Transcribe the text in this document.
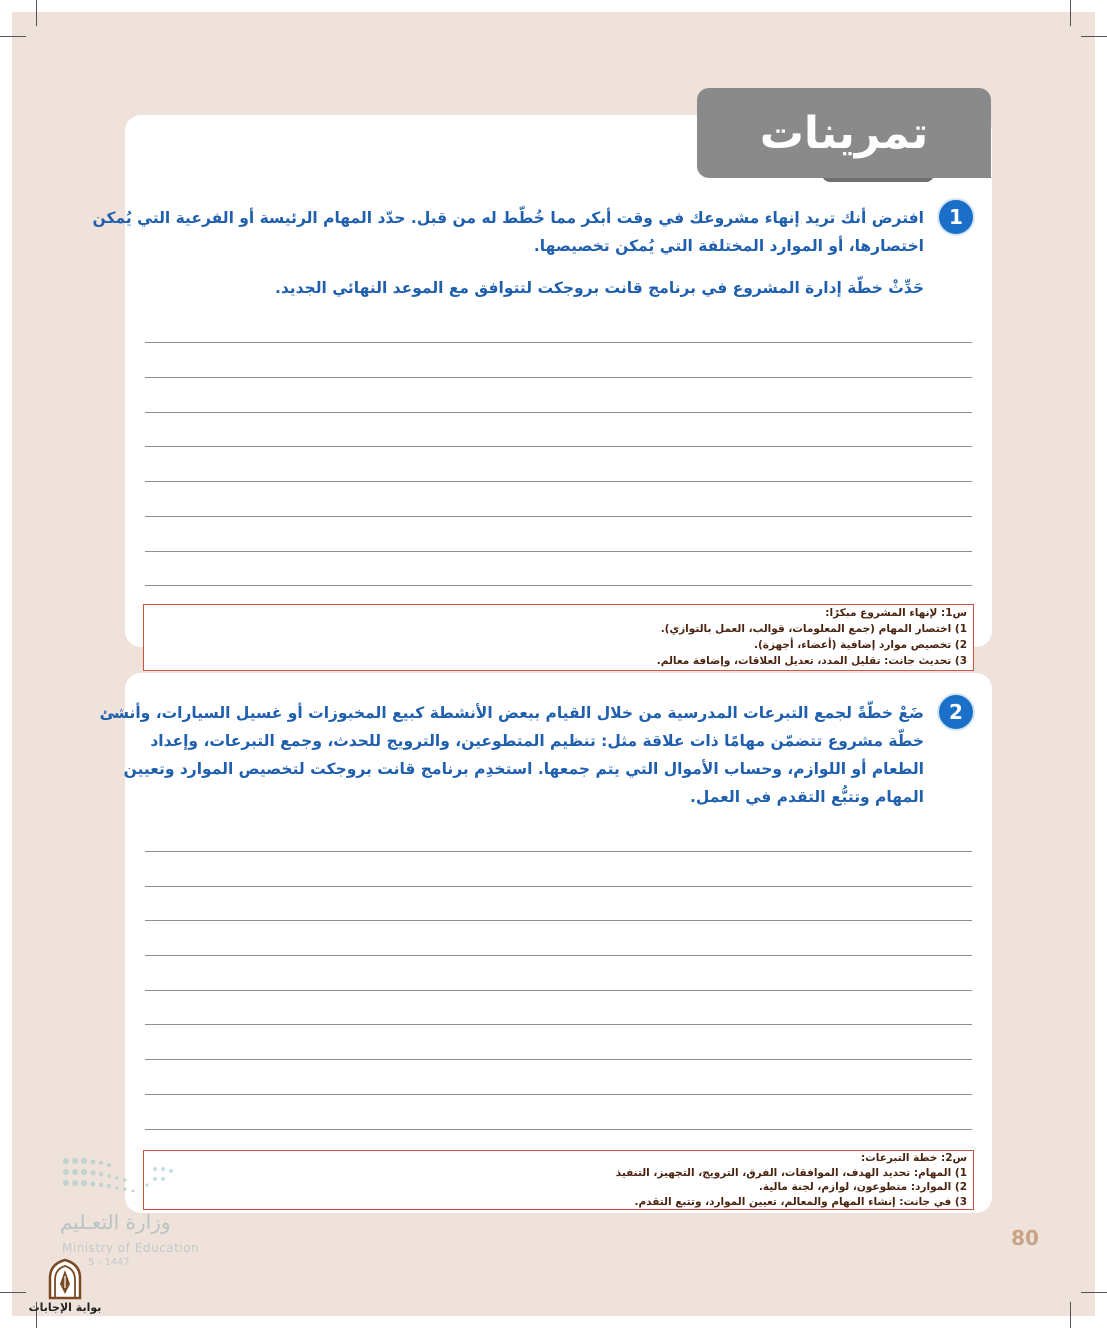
تمرينات
1
افترض أنك تريد إنهاء مشروعك في وقت أبكر مما خُطّط له من قبل. حدّد المهام الرئيسة أو الفرعية التي يُمكن
اختصارها، أو الموارد المختلفة التي يُمكن تخصيصها.
حَدِّثْ خطّة إدارة المشروع في برنامج قانت بروجكت لتتوافق مع الموعد النهائي الجديد.
س1: لإنهاء المشروع مبكرًا:
1) اختصار المهام (جمع المعلومات، قوالب، العمل بالتوازي).
2) تخصيص موارد إضافية (أعضاء، أجهزة).
3) تحديث جانت: تقليل المدد، تعديل العلاقات، وإضافة معالم.
2
ضَعْ خطّةً لجمع التبرعات المدرسية من خلال القيام ببعض الأنشطة كبيع المخبوزات أو غسيل السيارات، وأنشئ
خطّة مشروع تتضمّن مهامًا ذات علاقة مثل: تنظيم المتطوعين، والترويج للحدث، وجمع التبرعات، وإعداد
الطعام أو اللوازم، وحساب الأموال التي يتم جمعها. استخدِم برنامج قانت بروجكت لتخصيص الموارد وتعيين
المهام وتتبُّع التقدم في العمل.
س2: خطة التبرعات:
1) المهام: تحديد الهدف، الموافقات، الفرق، الترويج، التجهيز، التنفيذ
2) الموارد: متطوعون، لوازم، لجنة مالية.
3) في جانت: إنشاء المهام والمعالم، تعيين الموارد، وتتبع التقدم.
80
وزارة التعـليم
Ministry of Education
5 - 1447
بوابة الإجابات
